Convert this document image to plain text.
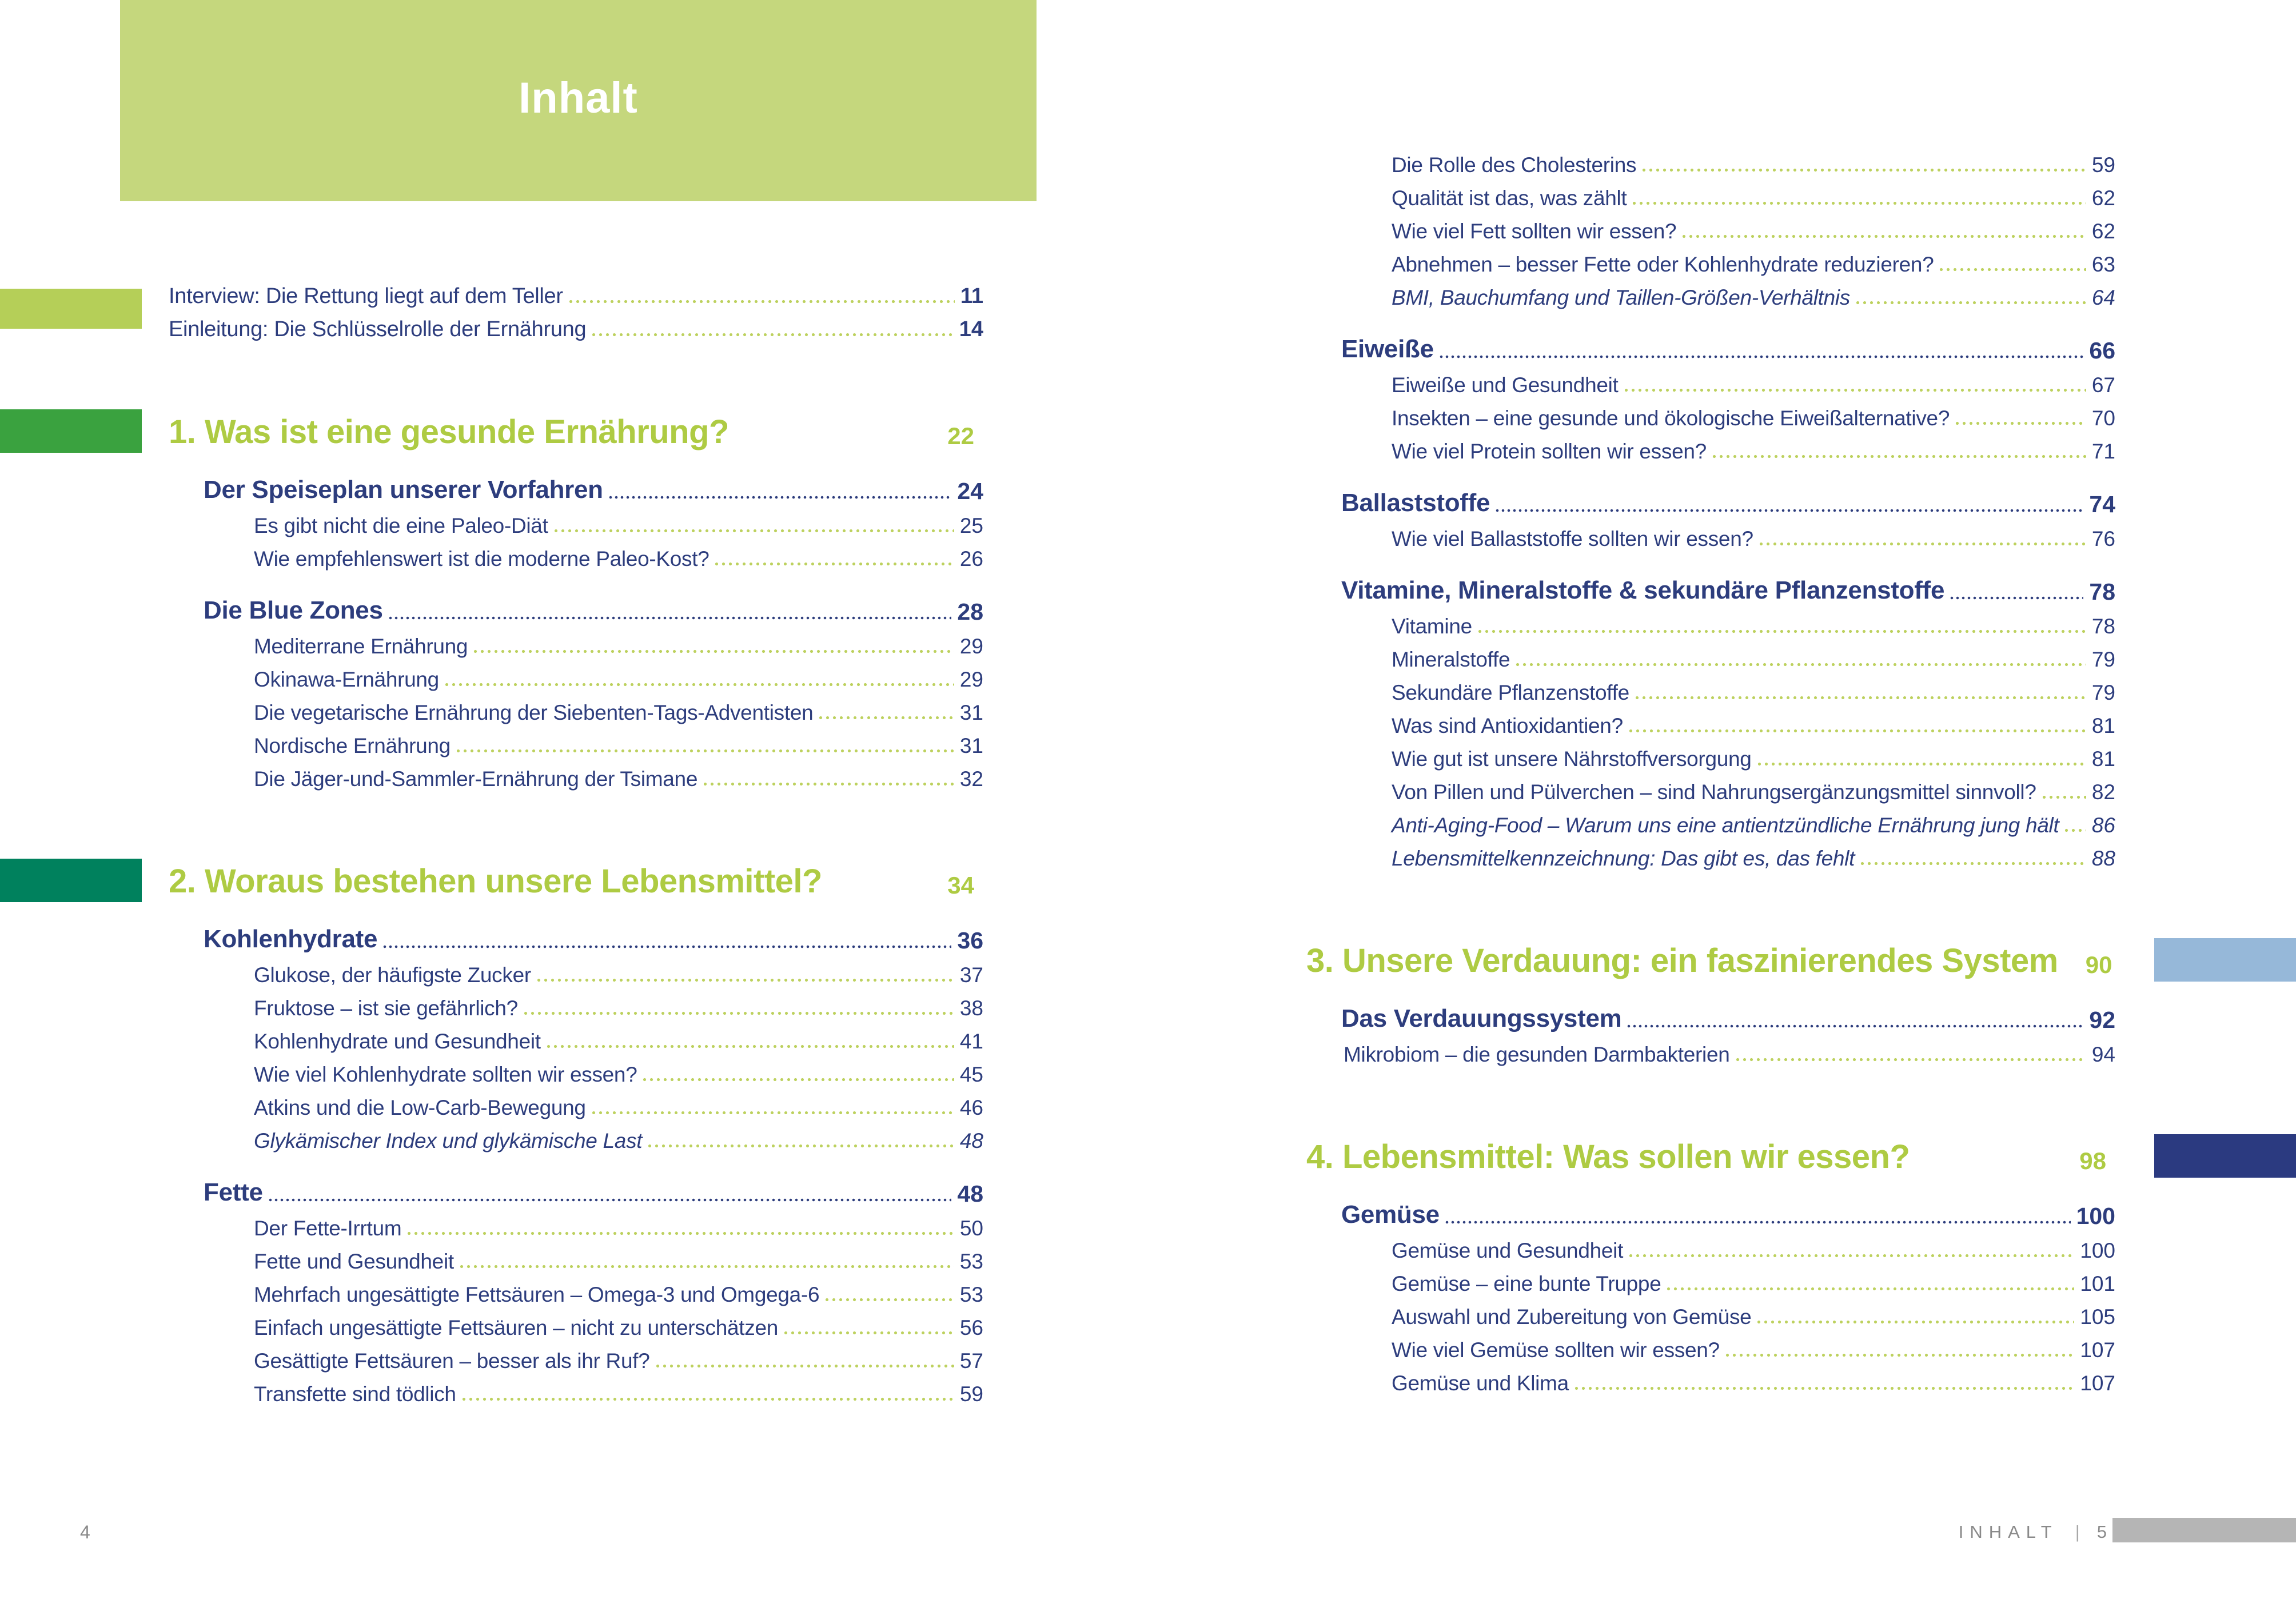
Inhalt
Interview: Die Rettung liegt auf dem Teller	11
Einleitung: Die Schlüsselrolle der Ernährung	14
1. Was ist eine gesunde Ernährung?	22
Der Speiseplan unserer Vorfahren	24
Es gibt nicht die eine Paleo-Diät	25
Wie empfehlenswert ist die moderne Paleo-Kost?	26
Die Blue Zones	28
Mediterrane Ernährung	29
Okinawa-Ernährung	29
Die vegetarische Ernährung der Siebenten-Tags-Adventisten	31
Nordische Ernährung	31
Die Jäger-und-Sammler-Ernährung der Tsimane	32
2. Woraus bestehen unsere Lebensmittel?	34
Kohlenhydrate	36
Glukose, der häufigste Zucker	37
Fruktose – ist sie gefährlich?	38
Kohlenhydrate und Gesundheit	41
Wie viel Kohlenhydrate sollten wir essen?	45
Atkins und die Low-Carb-Bewegung	46
Glykämischer Index und glykämische Last	48
Fette	48
Der Fette-Irrtum	50
Fette und Gesundheit	53
Mehrfach ungesättigte Fettsäuren – Omega-3 und Omgega-6	53
Einfach ungesättigte Fettsäuren – nicht zu unterschätzen	56
Gesättigte Fettsäuren – besser als ihr Ruf?	57
Transfette sind tödlich	59
4
Die Rolle des Cholesterins	59
Qualität ist das, was zählt	62
Wie viel Fett sollten wir essen?	62
Abnehmen – besser Fette oder Kohlenhydrate reduzieren?	63
BMI, Bauchumfang und Taillen-Größen-Verhältnis	64
Eiweiße	66
Eiweiße und Gesundheit	67
Insekten – eine gesunde und ökologische Eiweißalternative?	70
Wie viel Protein sollten wir essen?	71
Ballaststoffe	74
Wie viel Ballaststoffe sollten wir essen?	76
Vitamine, Mineralstoffe & sekundäre Pflanzenstoffe	78
Vitamine	78
Mineralstoffe	79
Sekundäre Pflanzenstoffe	79
Was sind Antioxidantien?	81
Wie gut ist unsere Nährstoffversorgung	81
Von Pillen und Pülverchen – sind Nahrungsergänzungsmittel sinnvoll?	82
Anti-Aging-Food – Warum uns eine antientzündliche Ernährung jung hält 86
Lebensmittelkennzeichnung: Das gibt es, das fehlt	88
3. Unsere Verdauung: ein faszinierendes System 90
Das Verdauungssystem	92
Mikrobiom – die gesunden Darmbakterien	94
4. Lebensmittel: Was sollen wir essen?	98
Gemüse	100
Gemüse und Gesundheit	100
Gemüse – eine bunte Truppe	101
Auswahl und Zubereitung von Gemüse	105
Wie viel Gemüse sollten wir essen?	107
Gemüse und Klima	107
INHALT | 5
